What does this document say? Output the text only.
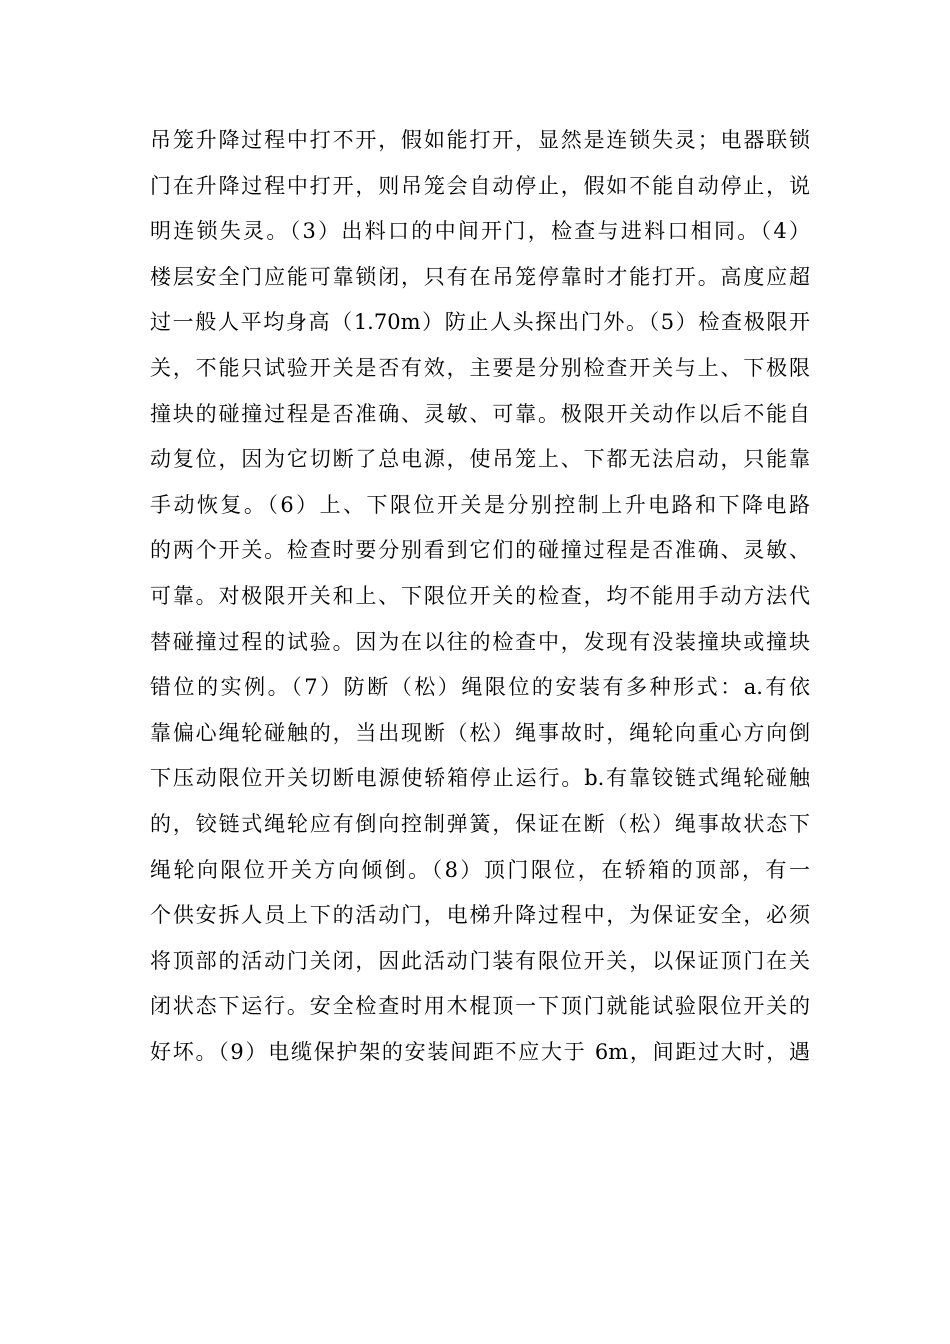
吊笼升降过程中打不开，假如能打开，显然是连锁失灵；电器联锁
门在升降过程中打开，则吊笼会自动停止，假如不能自动停止，说
明连锁失灵。（3）出料口的中间开门，检查与进料口相同。（4）
楼层安全门应能可靠锁闭，只有在吊笼停靠时才能打开。高度应超
过一般人平均身高（1.70m）防止人头探出门外。（5）检查极限开
关，不能只试验开关是否有效，主要是分别检查开关与上、下极限
撞块的碰撞过程是否准确、灵敏、可靠。极限开关动作以后不能自
动复位，因为它切断了总电源，使吊笼上、下都无法启动，只能靠
手动恢复。（6）上、下限位开关是分别控制上升电路和下降电路
的两个开关。检查时要分别看到它们的碰撞过程是否准确、灵敏、
可靠。对极限开关和上、下限位开关的检查，均不能用手动方法代
替碰撞过程的试验。因为在以往的检查中，发现有没装撞块或撞块
错位的实例。（7）防断（松）绳限位的安装有多种形式：a.有依
靠偏心绳轮碰触的，当出现断（松）绳事故时，绳轮向重心方向倒
下压动限位开关切断电源使轿箱停止运行。b.有靠铰链式绳轮碰触
的，铰链式绳轮应有倒向控制弹簧，保证在断（松）绳事故状态下
绳轮向限位开关方向倾倒。（8）顶门限位，在轿箱的顶部，有一
个供安拆人员上下的活动门，电梯升降过程中，为保证安全，必须
将顶部的活动门关闭，因此活动门装有限位开关，以保证顶门在关
闭状态下运行。安全检查时用木棍顶一下顶门就能试验限位开关的
好坏。（9）电缆保护架的安装间距不应大于 6m，间距过大时，遇
